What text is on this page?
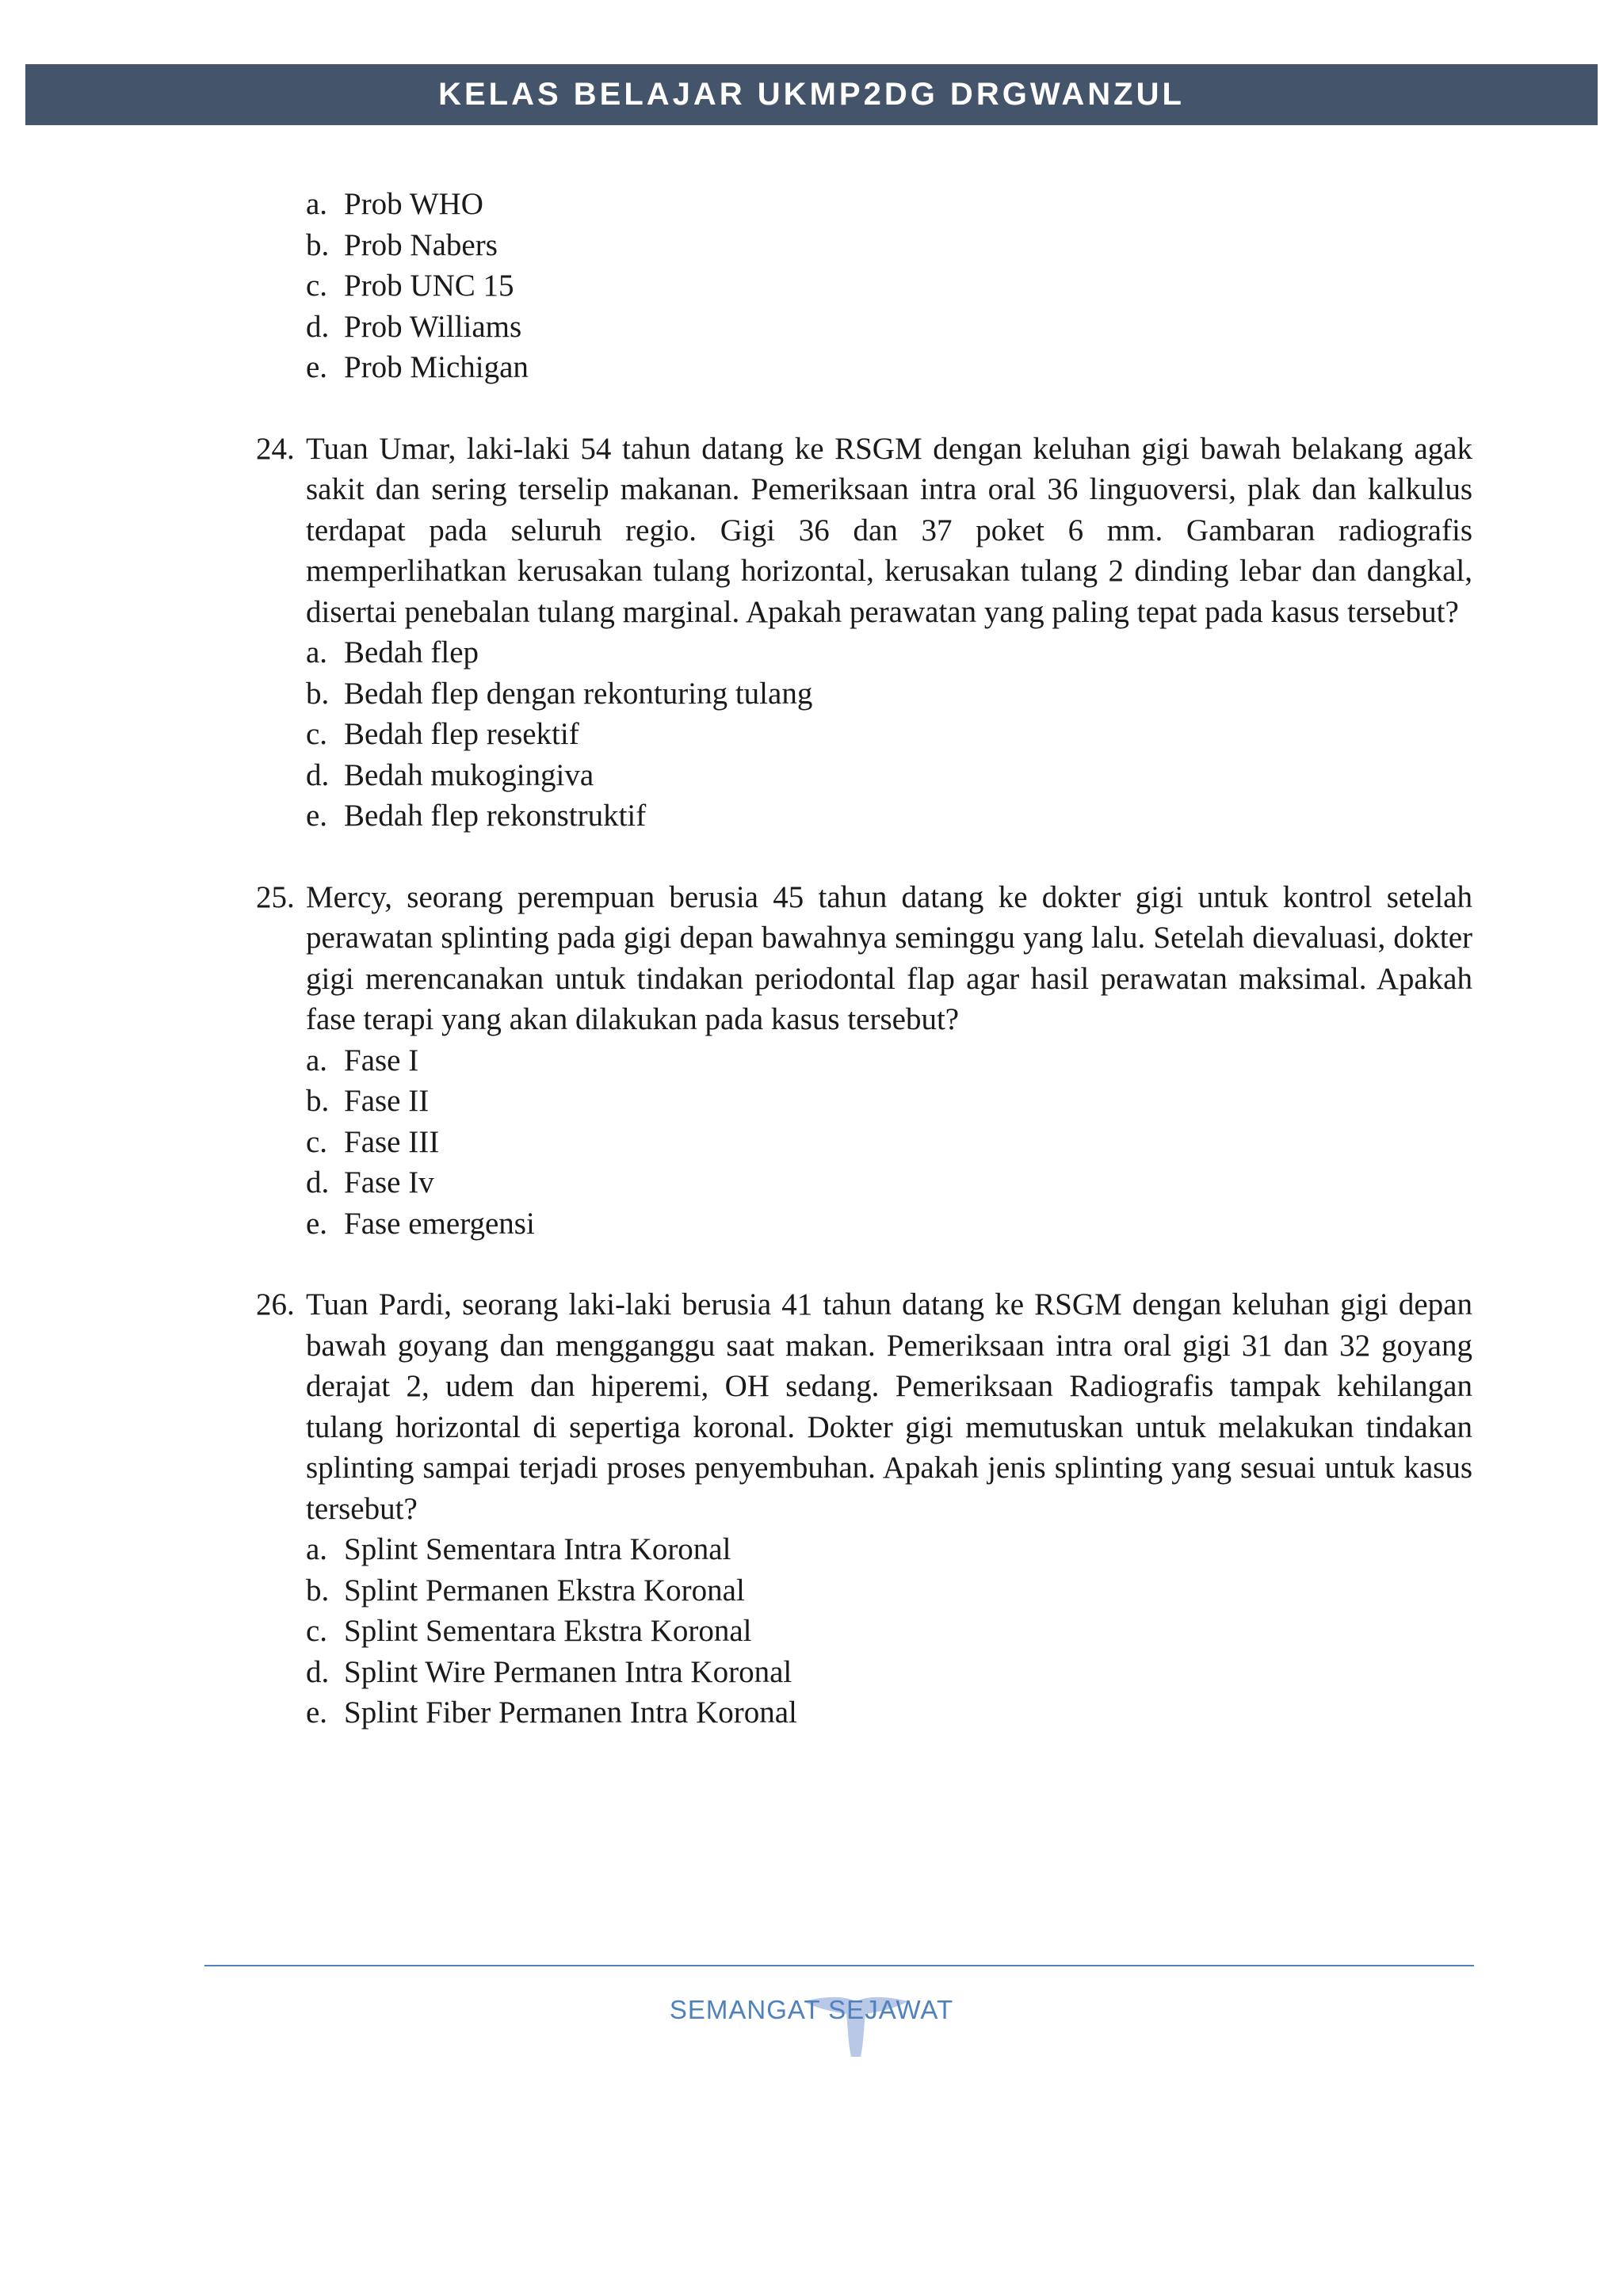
KELAS BELAJAR UKMP2DG DRGWANZUL
a. Prob WHO
b. Prob Nabers
c. Prob UNC 15
d. Prob Williams
e. Prob Michigan
24. Tuan Umar, laki-laki 54 tahun datang ke RSGM dengan keluhan gigi bawah belakang agak sakit dan sering terselip makanan. Pemeriksaan intra oral 36 linguoversi, plak dan kalkulus terdapat pada seluruh regio. Gigi 36 dan 37 poket 6 mm. Gambaran radiografis memperlihatkan kerusakan tulang horizontal, kerusakan tulang 2 dinding lebar dan dangkal, disertai penebalan tulang marginal. Apakah perawatan yang paling tepat pada kasus tersebut?
a. Bedah flep
b. Bedah flep dengan rekonturing tulang
c. Bedah flep resektif
d. Bedah mukogingiva
e. Bedah flep rekonstruktif
25. Mercy, seorang perempuan berusia 45 tahun datang ke dokter gigi untuk kontrol setelah perawatan splinting pada gigi depan bawahnya seminggu yang lalu. Setelah dievaluasi, dokter gigi merencanakan untuk tindakan periodontal flap agar hasil perawatan maksimal. Apakah fase terapi yang akan dilakukan pada kasus tersebut?
a. Fase I
b. Fase II
c. Fase III
d. Fase Iv
e. Fase emergensi
26. Tuan Pardi, seorang laki-laki berusia 41 tahun datang ke RSGM dengan keluhan gigi depan bawah goyang dan mengganggu saat makan. Pemeriksaan intra oral gigi 31 dan 32 goyang derajat 2, udem dan hiperemi, OH sedang. Pemeriksaan Radiografis tampak kehilangan tulang horizontal di sepertiga koronal. Dokter gigi memutuskan untuk melakukan tindakan splinting sampai terjadi proses penyembuhan. Apakah jenis splinting yang sesuai untuk kasus tersebut?
a. Splint Sementara Intra Koronal
b. Splint Permanen Ekstra Koronal
c. Splint Sementara Ekstra Koronal
d. Splint Wire Permanen Intra Koronal
e. Splint Fiber Permanen Intra Koronal
SEMANGAT SEJAWAT
